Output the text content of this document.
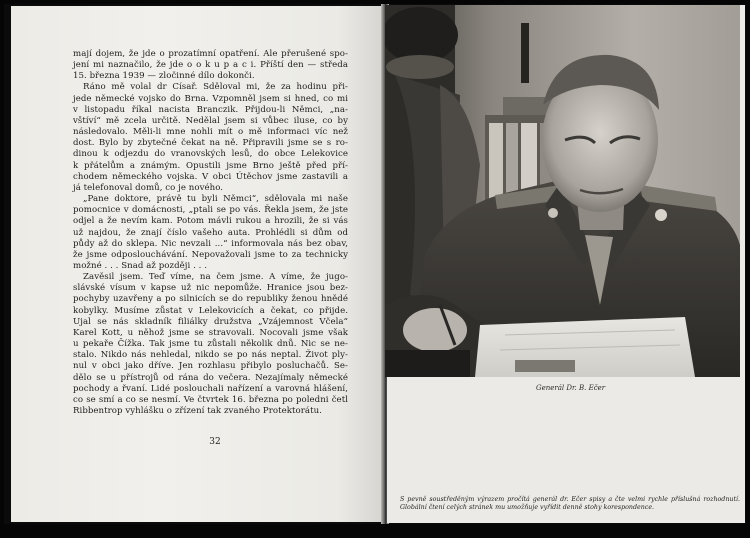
mají dojem, že jde o prozatímní opatření. Ale přerušené spo-
jení mi naznačilo, že jde o o k u p a c i. Příští den — středa
15. března 1939 — zločinné dílo dokonči.
Ráno mě volal dr Císař. Sděloval mi, že za hodinu při-
jede německé vojsko do Brna. Vzpomněl jsem si hned, co mi
v listopadu říkal nacista Branczik. Přijdou-li Němci, „na-
vštíví“ mě zcela určitě. Nedělal jsem si vůbec iluse, co by
následovalo. Měli-li mne nohli mít o mě informaci víc než
dost. Bylo by zbytečné čekat na ně. Připravili jsme se s ro-
dinou k odjezdu do vranovských lesů, do obce Lelekovice
k přátelům a známým. Opustili jsme Brno ještě před pří-
chodem německého vojska. V obci Útěchov jsme zastavili a
já telefonoval domů, co je nového.
„Pane doktore, právě tu byli Němci“, sdělovala mi naše
pomocnice v domácnosti, „ptali se po vás. Řekla jsem, že jste
odjel a že nevím kam. Potom mávli rukou a hrozili, že si vás
už najdou, že znají číslo vašeho auta. Prohlédli si dům od
půdy až do sklepa. Nic nevzali ...“ informovala nás bez obav,
že jsme odposlouchávání. Nepovažovali jsme to za technicky
možné . . . Snad až později . . .
Zavěsil jsem. Teď víme, na čem jsme. A víme, že jugo-
slávské vísum v kapse už nic nepomůže. Hranice jsou bez-
pochyby uzavřeny a po silnicích se do republiky ženou hnědé
kobylky. Musíme zůstat v Lelekovicích a čekat, co přijde.
Ujal se nás skladník filiálky družstva „Vzájemnost Včela“
Karel Kott, u něhož jsme se stravovali. Nocovali jsme však
u pekaře Čížka. Tak jsme tu zůstali několik dnů. Nic se ne-
stalo. Nikdo nás nehledal, nikdo se po nás neptal. Život ply-
nul v obci jako dříve. Jen rozhlasu přibylo posluchačů. Se-
dělo se u přístrojů od rána do večera. Nezajímaly německé
pochody a řvaní. Lidé poslouchali nařízení a varovná hlášení,
co se smí a co se nesmí. Ve čtvrtek 16. března po poledni četl
Ribbentrop vyhlášku o zřízení tak zvaného Protektorátu.
32
Generál Dr. B. Ečer
S pevně soustředěným výrazem pročítá generál dr. Ečer spisy a čte velmi rychle příslušná rozhodnutí. Globální čtení celých stránek mu umožňuje vyřídit denně stohy korespondence.
